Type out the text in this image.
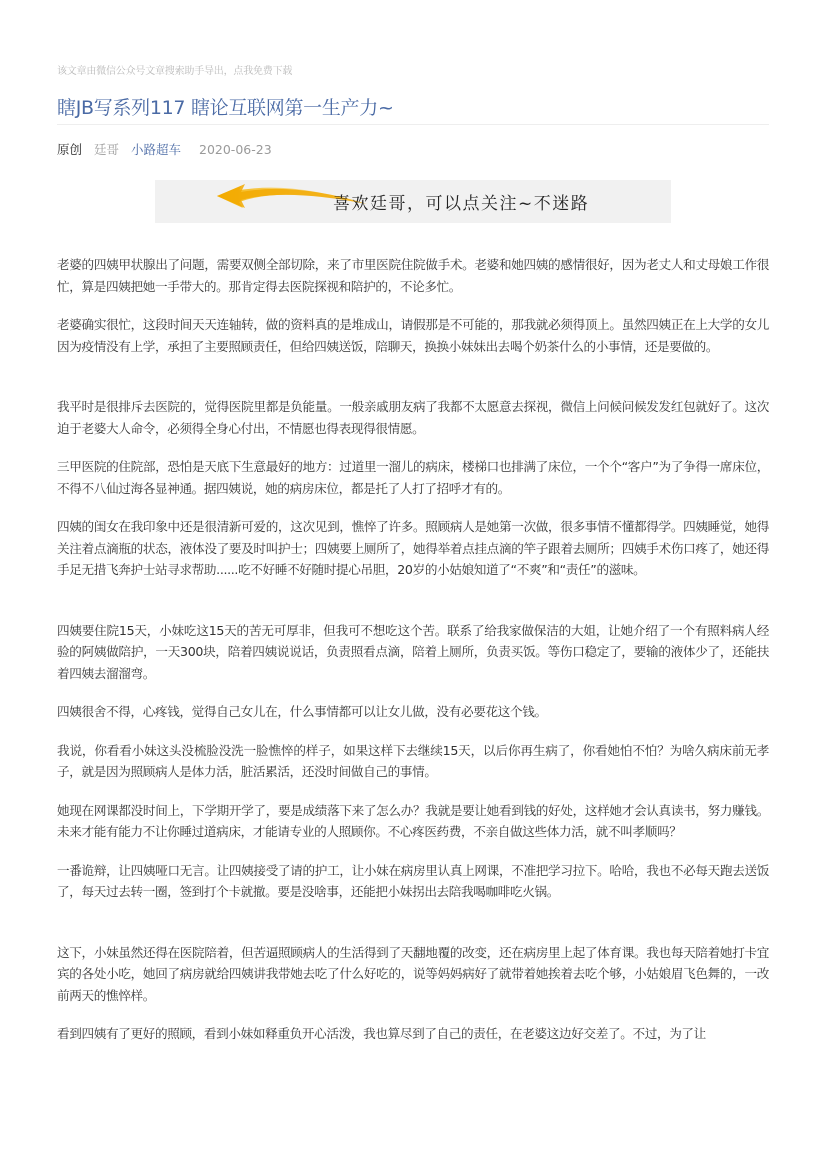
该文章由微信公众号文章搜索助手导出，点我免费下载
瞎JB写系列117 瞎论互联网第一生产力~
原创 廷哥 小路超车 2020-06-23
喜欢廷哥，可以点关注~不迷路

老婆的四姨甲状腺出了问题，需要双侧全部切除，来了市里医院住院做手术。老婆和她四姨的感情很好，因为老丈人和丈母娘工作很忙，算是四姨把她一手带大的。那肯定得去医院探视和陪护的，不论多忙。

老婆确实很忙，这段时间天天连轴转，做的资料真的是堆成山，请假那是不可能的，那我就必须得顶上。虽然四姨正在上大学的女儿因为疫情没有上学，承担了主要照顾责任，但给四姨送饭，陪聊天，换换小妹妹出去喝个奶茶什么的小事情，还是要做的。

我平时是很排斥去医院的，觉得医院里都是负能量。一般亲戚朋友病了我都不太愿意去探视，微信上问候问候发发红包就好了。这次迫于老婆大人命令，必须得全身心付出，不情愿也得表现得很情愿。

三甲医院的住院部，恐怕是天底下生意最好的地方：过道里一溜儿的病床，楼梯口也排满了床位，一个个“客户”为了争得一席床位，不得不八仙过海各显神通。据四姨说，她的病房床位，都是托了人打了招呼才有的。

四姨的闺女在我印象中还是很清新可爱的，这次见到，憔悴了许多。照顾病人是她第一次做，很多事情不懂都得学。四姨睡觉，她得关注着点滴瓶的状态，液体没了要及时叫护士；四姨要上厕所了，她得举着点挂点滴的竿子跟着去厕所；四姨手术伤口疼了，她还得手足无措飞奔护士站寻求帮助......吃不好睡不好随时提心吊胆，20岁的小姑娘知道了“不爽”和“责任”的滋味。

四姨要住院15天，小妹吃这15天的苦无可厚非，但我可不想吃这个苦。联系了给我家做保洁的大姐，让她介绍了一个有照料病人经验的阿姨做陪护，一天300块，陪着四姨说说话，负责照看点滴，陪着上厕所，负责买饭。等伤口稳定了，要输的液体少了，还能扶着四姨去溜溜弯。

四姨很舍不得，心疼钱，觉得自己女儿在，什么事情都可以让女儿做，没有必要花这个钱。

我说，你看看小妹这头没梳脸没洗一脸憔悴的样子，如果这样下去继续15天，以后你再生病了，你看她怕不怕？为啥久病床前无孝子，就是因为照顾病人是体力活，脏活累活，还没时间做自己的事情。

她现在网课都没时间上，下学期开学了，要是成绩落下来了怎么办？我就是要让她看到钱的好处，这样她才会认真读书，努力赚钱。未来才能有能力不让你睡过道病床，才能请专业的人照顾你。不心疼医药费，不亲自做这些体力活，就不叫孝顺吗？

一番诡辩，让四姨哑口无言。让四姨接受了请的护工，让小妹在病房里认真上网课，不准把学习拉下。哈哈，我也不必每天跑去送饭了，每天过去转一圈，签到打个卡就撤。要是没啥事，还能把小妹拐出去陪我喝咖啡吃火锅。

这下，小妹虽然还得在医院陪着，但苦逼照顾病人的生活得到了天翻地覆的改变，还在病房里上起了体育课。我也每天陪着她打卡宜宾的各处小吃，她回了病房就给四姨讲我带她去吃了什么好吃的，说等妈妈病好了就带着她挨着去吃个够，小姑娘眉飞色舞的，一改前两天的憔悴样。

看到四姨有了更好的照顾，看到小妹如释重负开心活泼，我也算尽到了自己的责任，在老婆这边好交差了。不过，为了让
